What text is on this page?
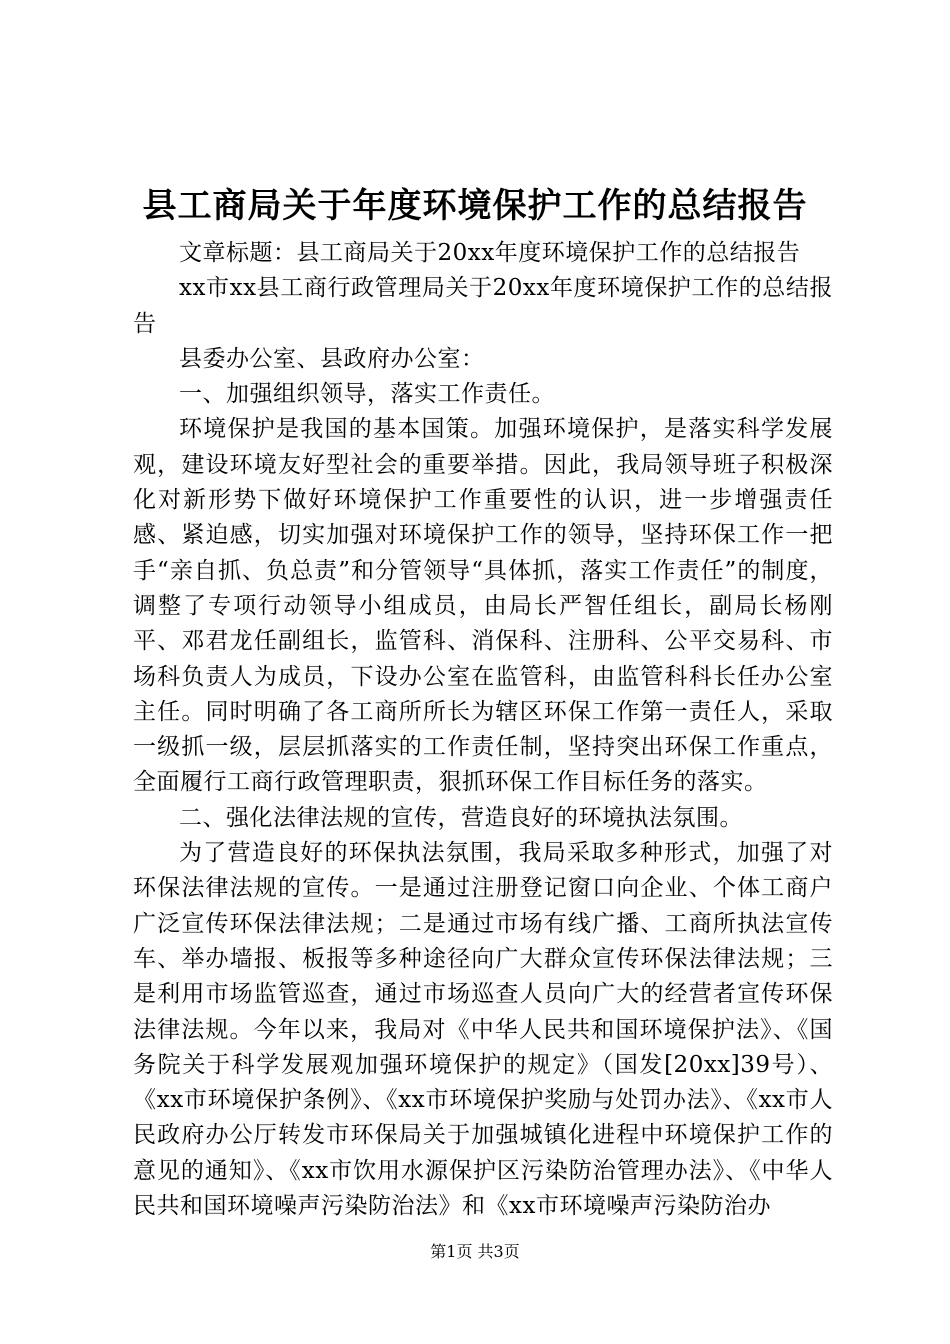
县工商局关于年度环境保护工作的总结报告

文章标题：县工商局关于20xx年度环境保护工作的总结报告

xx市xx县工商行政管理局关于20xx年度环境保护工作的总结报告

县委办公室、县政府办公室：

一、加强组织领导，落实工作责任。

环境保护是我国的基本国策。加强环境保护，是落实科学发展观，建设环境友好型社会的重要举措。因此，我局领导班子积极深化对新形势下做好环境保护工作重要性的认识，进一步增强责任感、紧迫感，切实加强对环境保护工作的领导，坚持环保工作一把手“亲自抓、负总责”和分管领导“具体抓，落实工作责任”的制度，调整了专项行动领导小组成员，由局长严智任组长，副局长杨刚平、邓君龙任副组长，监管科、消保科、注册科、公平交易科、市场科负责人为成员，下设办公室在监管科，由监管科科长任办公室主任。同时明确了各工商所所长为辖区环保工作第一责任人，采取一级抓一级，层层抓落实的工作责任制，坚持突出环保工作重点，全面履行工商行政管理职责，狠抓环保工作目标任务的落实。

二、强化法律法规的宣传，营造良好的环境执法氛围。

为了营造良好的环保执法氛围，我局采取多种形式，加强了对环保法律法规的宣传。一是通过注册登记窗口向企业、个体工商户广泛宣传环保法律法规；二是通过市场有线广播、工商所执法宣传车、举办墙报、板报等多种途径向广大群众宣传环保法律法规；三是利用市场监管巡查，通过市场巡查人员向广大的经营者宣传环保法律法规。今年以来，我局对《中华人民共和国环境保护法》、《国务院关于科学发展观加强环境保护的规定》（国发[20xx]39号）、《xx市环境保护条例》、《xx市环境保护奖励与处罚办法》、《xx市人民政府办公厅转发市环保局关于加强城镇化进程中环境保护工作的意见的通知》、《xx市饮用水源保护区污染防治管理办法》、《中华人民共和国环境噪声污染防治法》和《xx市环境噪声污染防治办

第1页 共3页
